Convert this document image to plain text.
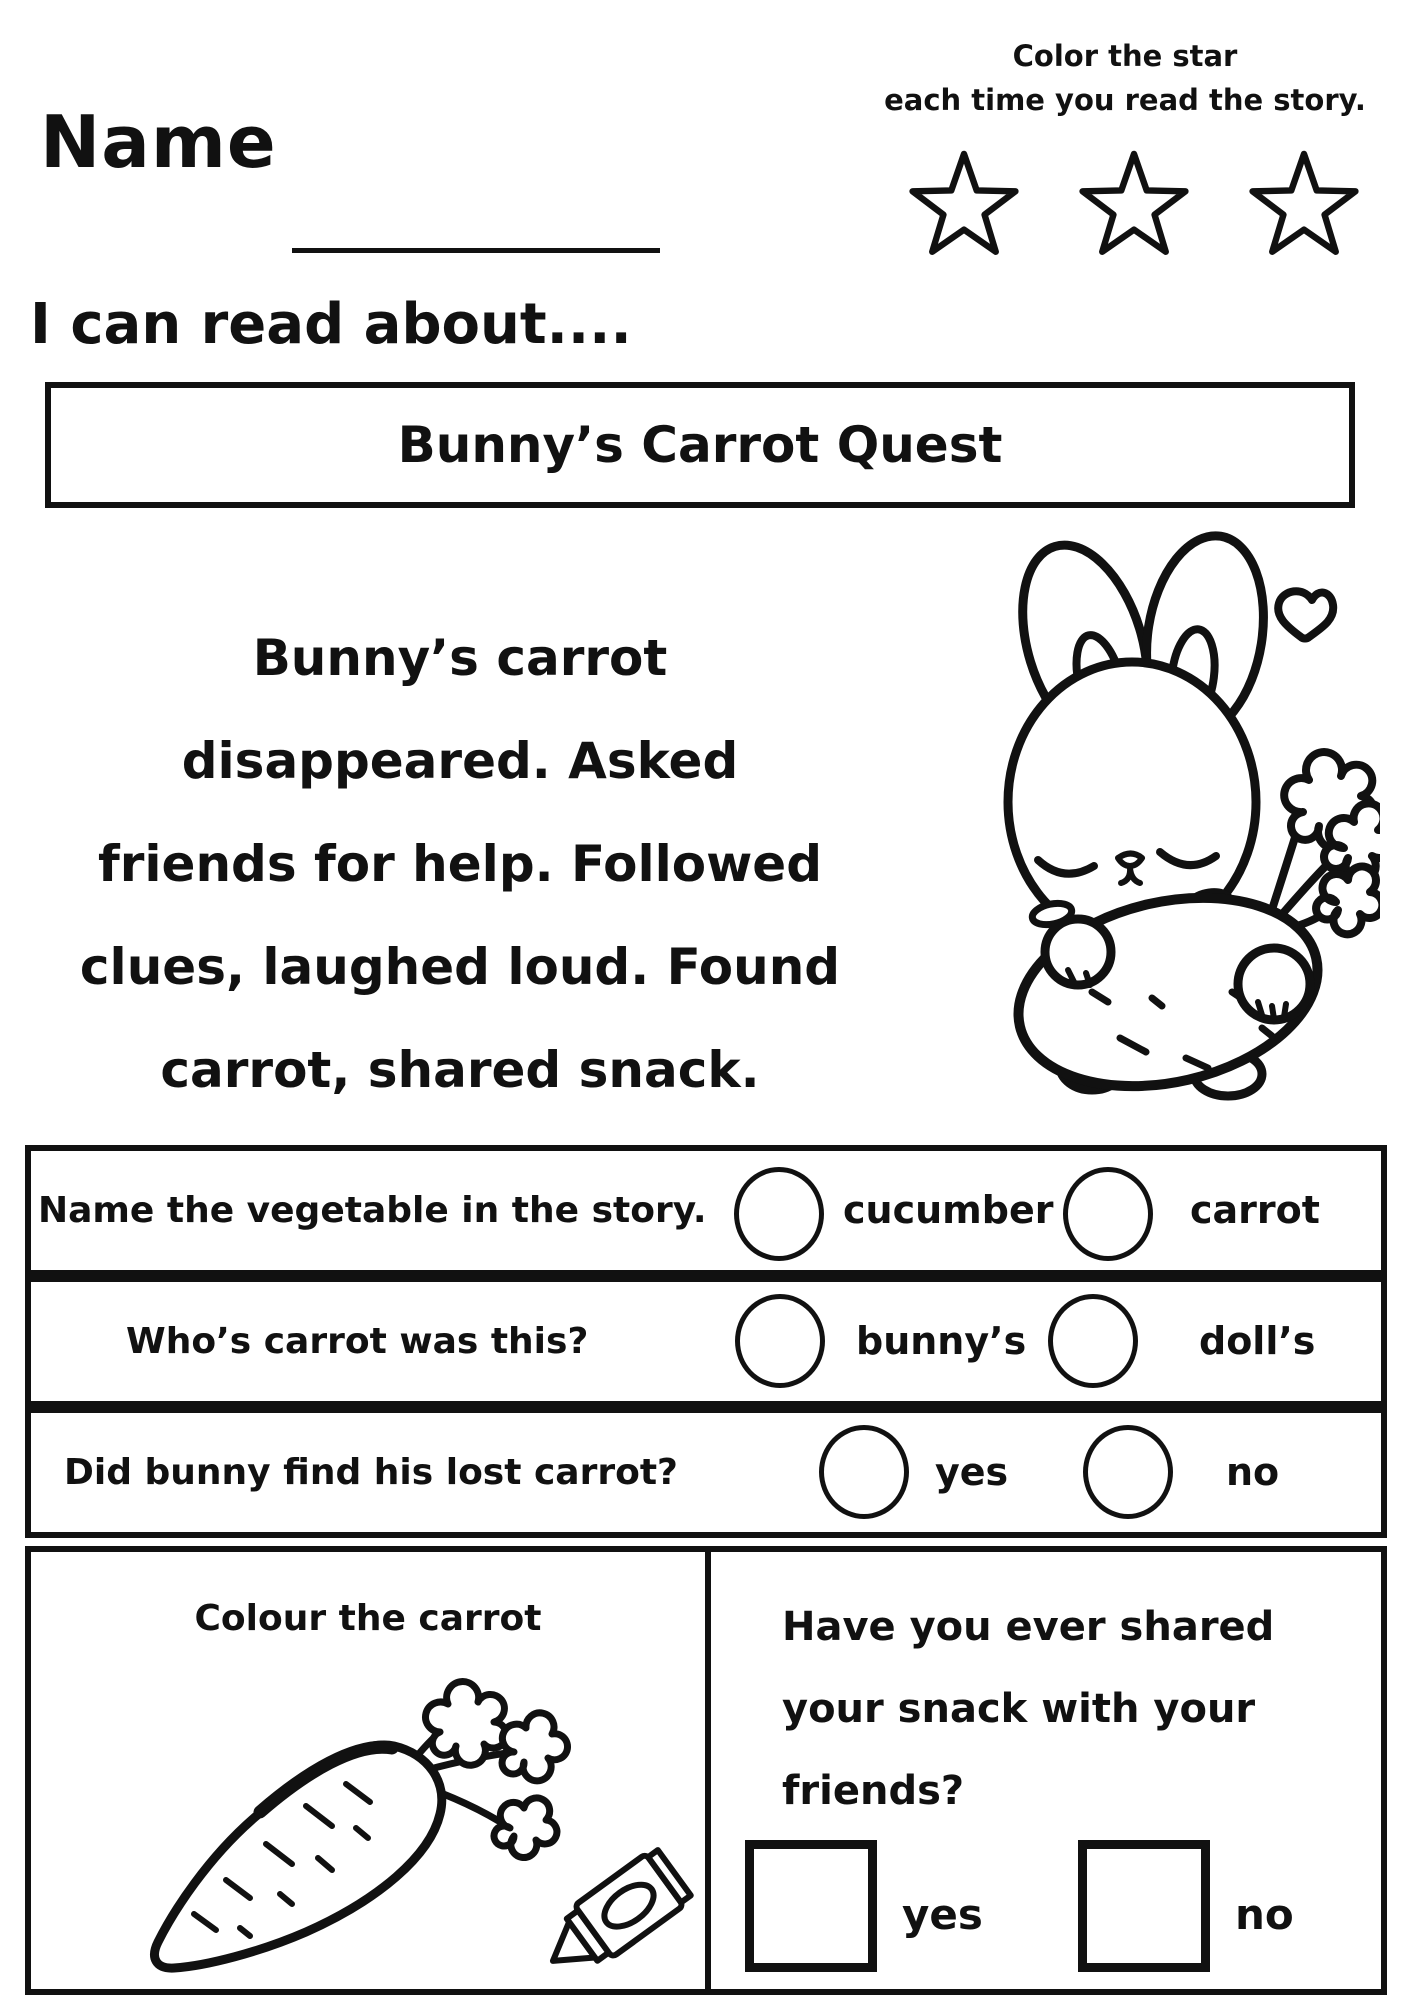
Name
Color the star
each time you read the story.
I can read about....
Bunny’s Carrot Quest
Bunny’s carrot
disappeared. Asked
friends for help. Followed
clues, laughed loud. Found
carrot, shared snack.
Name the vegetable in the story.	cucumber	carrot
Who’s carrot was this?	bunny’s	doll’s
Did bunny find his lost carrot?	yes	no
Colour the carrot	Have you ever shared
your snack with your
friends?
yes	no
